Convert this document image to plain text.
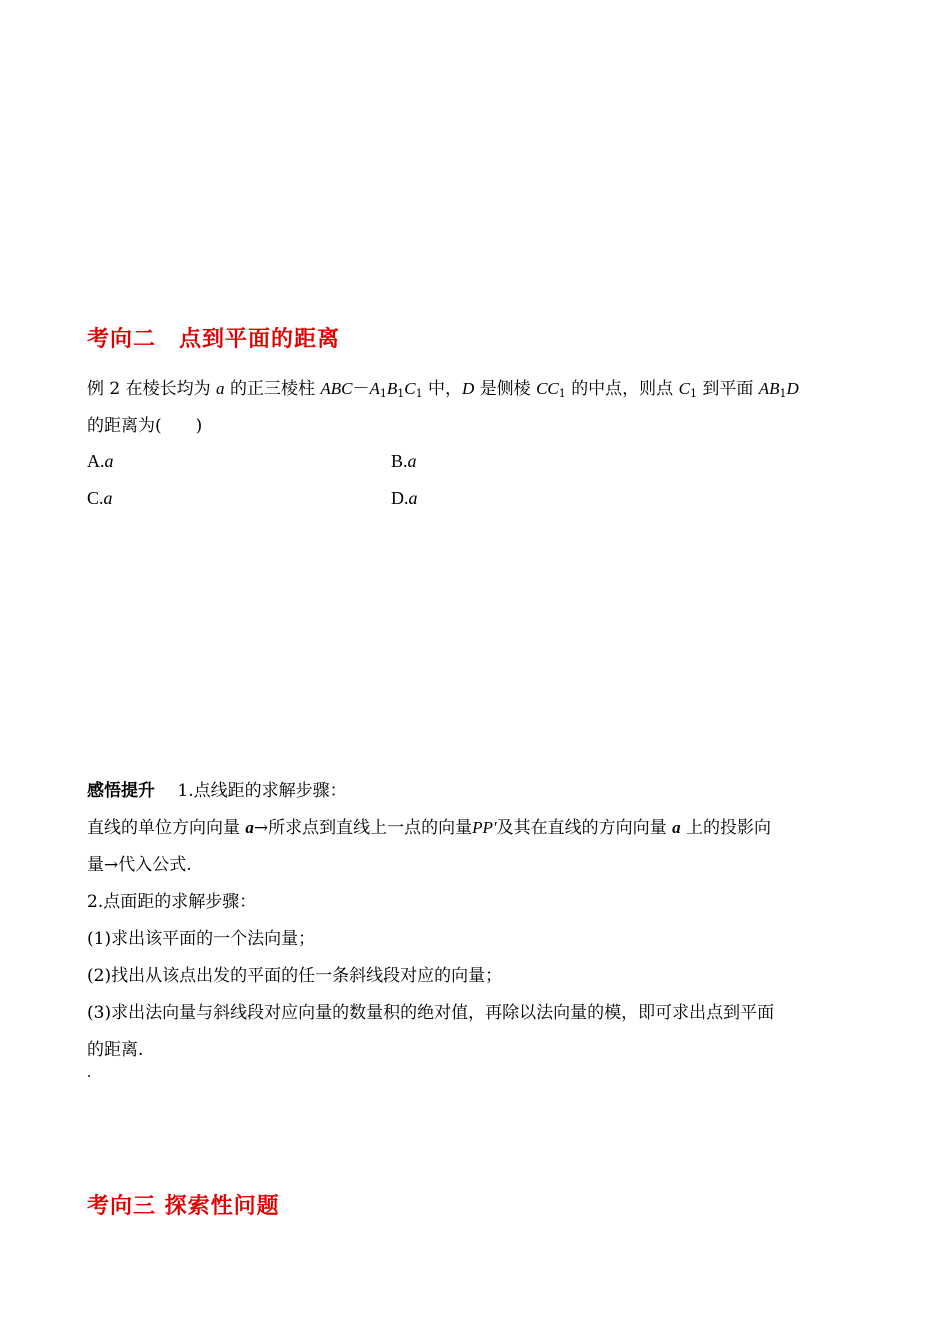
考向二　点到平面的距离
例 2 在棱长均为 a 的正三棱柱 $ABC-A_1B_1C_1$ 中，D 是侧棱 $CC_1$ 的中点，则点 $C_1$ 到平面 $AB_1D$
的距离为(　　)
A.a	B.a
C.a	D.a
感悟提升　 1.点线距的求解步骤：
直线的单位方向向量 a→所求点到直线上一点的向量PP′及其在直线的方向向量 a 上的投影向
量→代入公式.
2.点面距的求解步骤：
(1)求出该平面的一个法向量；
(2)找出从该点出发的平面的任一条斜线段对应的向量；
(3)求出法向量与斜线段对应向量的数量积的绝对值，再除以法向量的模，即可求出点到平面
的距离.
考向三 探索性问题
